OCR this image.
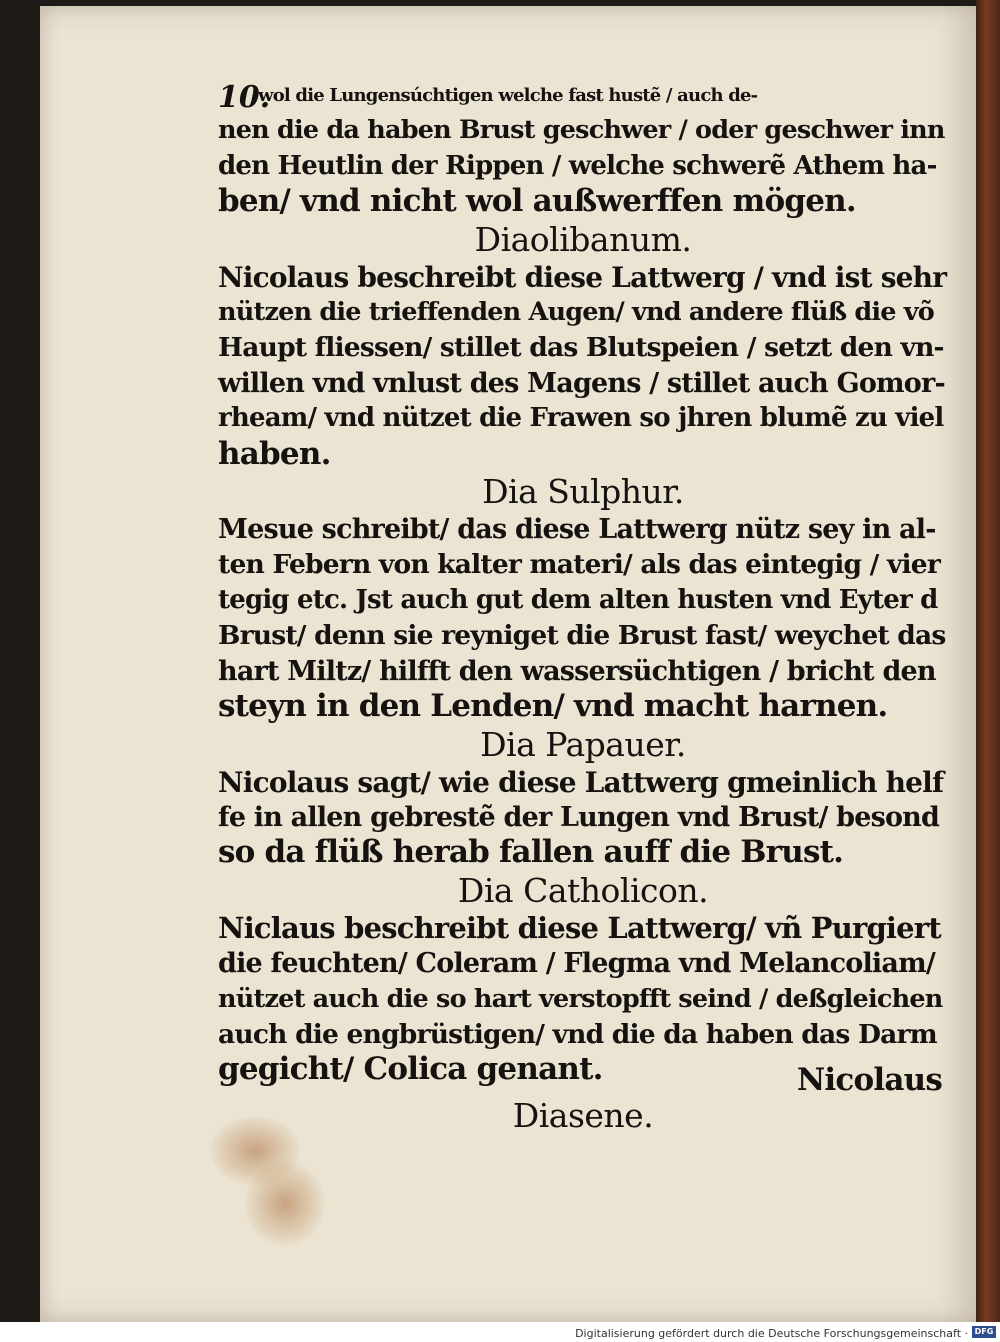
10.
wol die Lungensúchtigen welche fast hustẽ / auch de-
nen die da haben Brust geschwer / oder geschwer inn
den Heutlin der Rippen / welche schwerẽ Athem ha-
ben/ vnd nicht wol außwerffen mögen.
Diaolibanum.
Nicolaus beschreibt diese Lattwerg / vnd ist sehr
nützen die trieffenden Augen/ vnd andere flüß die võ
Haupt fliessen/ stillet das Blutspeien / setzt den vn-
willen vnd vnlust des Magens / stillet auch Gomor-
rheam/ vnd nützet die Frawen so jhren blumẽ zu viel
haben.
Dia Sulphur.
Mesue schreibt/ das diese Lattwerg nütz sey in al-
ten Febern von kalter materi/ als das eintegig / vier
tegig etc. Jst auch gut dem alten husten vnd Eyter d
Brust/ denn sie reyniget die Brust fast/ weychet das
hart Miltz/ hilfft den wassersüchtigen / bricht den
steyn in den Lenden/ vnd macht harnen.
Dia Papauer.
Nicolaus sagt/ wie diese Lattwerg gmeinlich helf
fe in allen gebrestẽ der Lungen vnd Brust/ besond
so da flüß herab fallen auff die Brust.
Dia Catholicon.
Niclaus beschreibt diese Lattwerg/ vñ Purgiert
die feuchten/ Coleram / Flegma vnd Melancoliam/
nützet auch die so hart verstopfft seind / deßgleichen
auch die engbrüstigen/ vnd die da haben das Darm
gegicht/ Colica genant.
Diasene.
Nicolaus
Digitalisierung gefördert durch die Deutsche Forschungsgemeinschaft · DFG
